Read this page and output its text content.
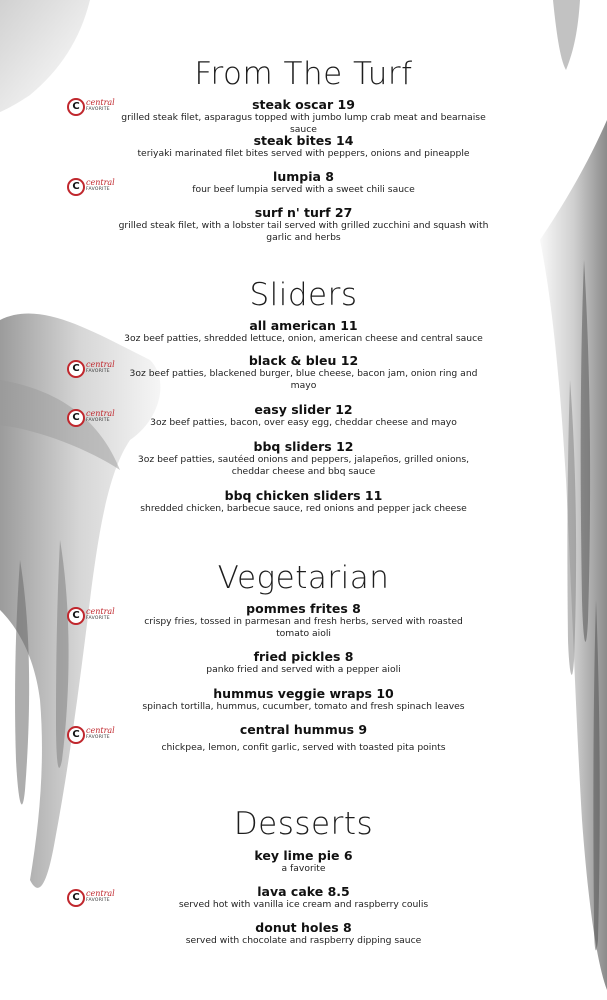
From The Turf
C central
FAVORITE	steak oscar 19
grilled steak filet, asparagus topped with jumbo lump crab meat and bearnaise sauce
steak bites 14
teriyaki marinated filet bites served with peppers, onions and pineapple
C central
FAVORITE
lumpia 8
four beef lumpia served with a sweet chili sauce
surf n' turf 27
grilled steak filet, with a lobster tail served with grilled zucchini and squash with garlic and herbs
Sliders
all american 11
3oz beef patties, shredded lettuce, onion, american cheese and central sauce
C central
FAVORITE
black & bleu 12
3oz beef patties, blackened burger, blue cheese, bacon jam, onion ring and mayo
C central
FAVORITE
easy slider 12
3oz beef patties, bacon, over easy egg, cheddar cheese and mayo
bbq sliders 12
3oz beef patties, sautéed onions and peppers, jalapeños, grilled onions, cheddar cheese and bbq sauce
bbq chicken sliders 11
shredded chicken, barbecue sauce, red onions and pepper jack cheese
Vegetarian
C central
FAVORITE
pommes frites 8
crispy fries, tossed in parmesan and fresh herbs, served with roasted tomato aioli
fried pickles 8
panko fried and served with a pepper aioli
hummus veggie wraps 10
spinach tortilla, hummus, cucumber, tomato and fresh spinach leaves
C central
FAVORITE
central hummus 9
chickpea, lemon, confit garlic, served with toasted pita points
Desserts
key lime pie 6
a favorite
C central
FAVORITE
lava cake 8.5
served hot with vanilla ice cream and raspberry coulis
donut holes 8
served with chocolate and raspberry dipping sauce
